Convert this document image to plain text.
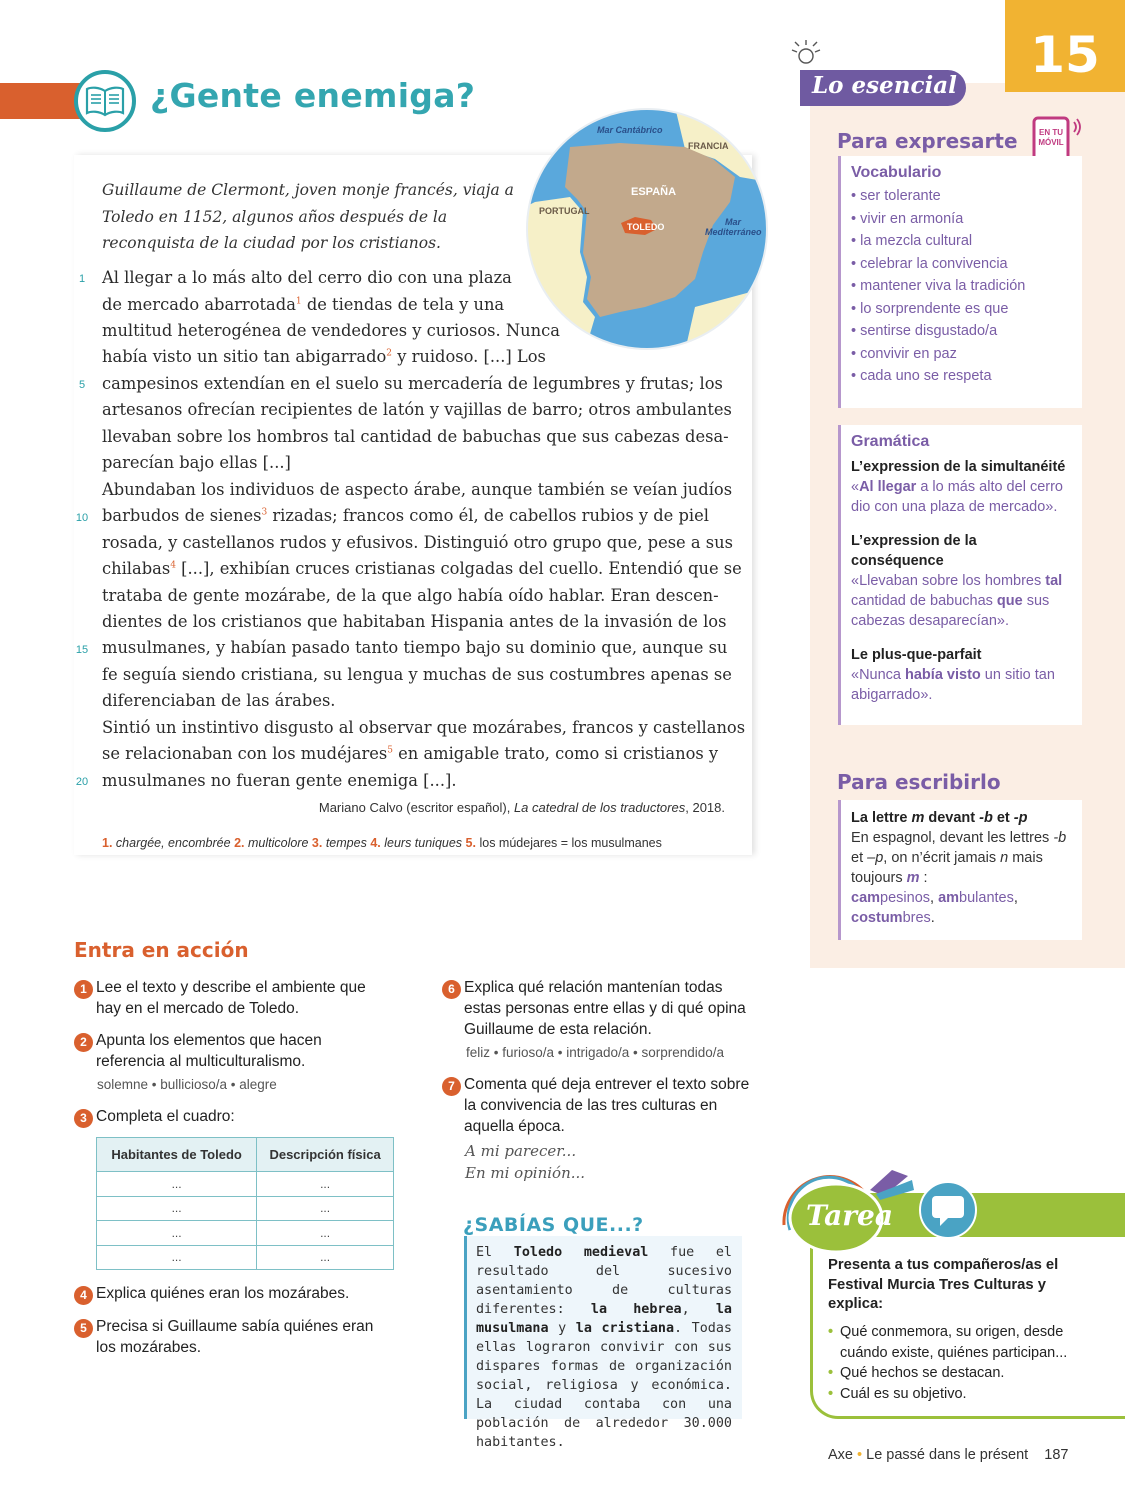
¿Gente enemiga?
Guillaume de Clermont, joven monje francés, viaja a Toledo en 1152, algunos años después de la reconquista de la ciudad por los cristianos.
1
5
10
15
20
Al llegar a lo más alto del cerro dio con una plaza
de mercado abarrotada$^1$ de tiendas de tela y una
multitud heterogénea de vendedores y curiosos. Nunca
había visto un sitio tan abigarrado$^2$ y ruidoso. [...] Los
campesinos extendían en el suelo su mercadería de legumbres y frutas; los
artesanos ofrecían recipientes de latón y vajillas de barro; otros ambulantes
llevaban sobre los hombros tal cantidad de babuchas que sus cabezas desa-
parecían bajo ellas [...]
Abundaban los individuos de aspecto árabe, aunque también se veían judíos
barbudos de sienes$^3$ rizadas; francos como él, de cabellos rubios y de piel
rosada, y castellanos rudos y efusivos. Distinguió otro grupo que, pese a sus
chilabas$^4$ [...], exhibían cruces cristianas colgadas del cuello. Entendió que se
trataba de gente mozárabe, de la que algo había oído hablar. Eran descen-
dientes de los cristianos que habitaban Hispania antes de la invasión de los
musulmanes, y habían pasado tanto tiempo bajo su dominio que, aunque su
fe seguía siendo cristiana, su lengua y muchas de sus costumbres apenas se
diferenciaban de las árabes.
Sintió un instintivo disgusto al observar que mozárabes, francos y castellanos
se relacionaban con los mudéjares$^5$ en amigable trato, como si cristianos y
musulmanes no fueran gente enemiga [...].
Mariano Calvo (escritor español), La catedral de los traductores, 2018.
1. chargée, encombrée 2. multicolore 3. tempes 4. leurs tuniques 5. los múdejares = los musulmanes
Mar Cantábrico
FRANCIA
ESPAÑA
PORTUGAL
TOLEDO	Mar
Mediterráneo
15
Lo esencial
Para expresarte	EN TU
MÓVIL
Vocabulario
• ser tolerante
• vivir en armonía
• la mezcla cultural
• celebrar la convivencia
• mantener viva la tradición
• lo sorprendente es que
• sentirse disgustado/a
• convivir en paz
• cada uno se respeta
Gramática
L’expression de la simultanéité
«Al llegar a lo más alto del cerro dio con una plaza de mercado».
L’expression de la conséquence
«Llevaban sobre los hombres tal cantidad de babuchas que sus cabezas desaparecían».
Le plus-que-parfait
«Nunca había visto un sitio tan abigarrado».
Para escribirlo
La lettre m devant -b et -p
En espagnol, devant les lettres -b et –p, on n’écrit jamais n mais toujours m :
campesinos, ambulantes,
costumbres.
Entra en acción
1 Lee el texto y describe el ambiente que hay en el mercado de Toledo.
2 Apunta los elementos que hacen referencia al multiculturalismo.
solemne • bullicioso/a • alegre
3 Completa el cuadro:
Habitantes de Toledo	Descripción física
...	...
...	...
...	...
...	...
4 Explica quiénes eran los mozárabes.
5 Precisa si Guillaume sabía quiénes eran los mozárabes.
6 Explica qué relación mantenían todas estas personas entre ellas y di qué opina Guillaume de esta relación.
feliz • furioso/a • intrigado/a • sorprendido/a
7 Comenta qué deja entrever el texto sobre la convivencia de las tres culturas en aquella época.
A mi parecer...
En mi opinión...
¿SABÍAS QUE...?
El Toledo medieval fue el resultado del sucesivo asentamiento de culturas diferentes: la hebrea, la musulmana y la cristiana. Todas ellas lograron convivir con sus dispares formas de organización social, religiosa y económica. La ciudad contaba con una población de alrededor 30.000 habitantes.
Tarea
Presenta a tus compañeros/as el Festival Murcia Tres Culturas y explica:
• Qué conmemora, su origen, desde cuándo existe, quiénes participan...
• Qué hechos se destacan.
• Cuál es su objetivo.
Axe • Le passé dans le présent 187
